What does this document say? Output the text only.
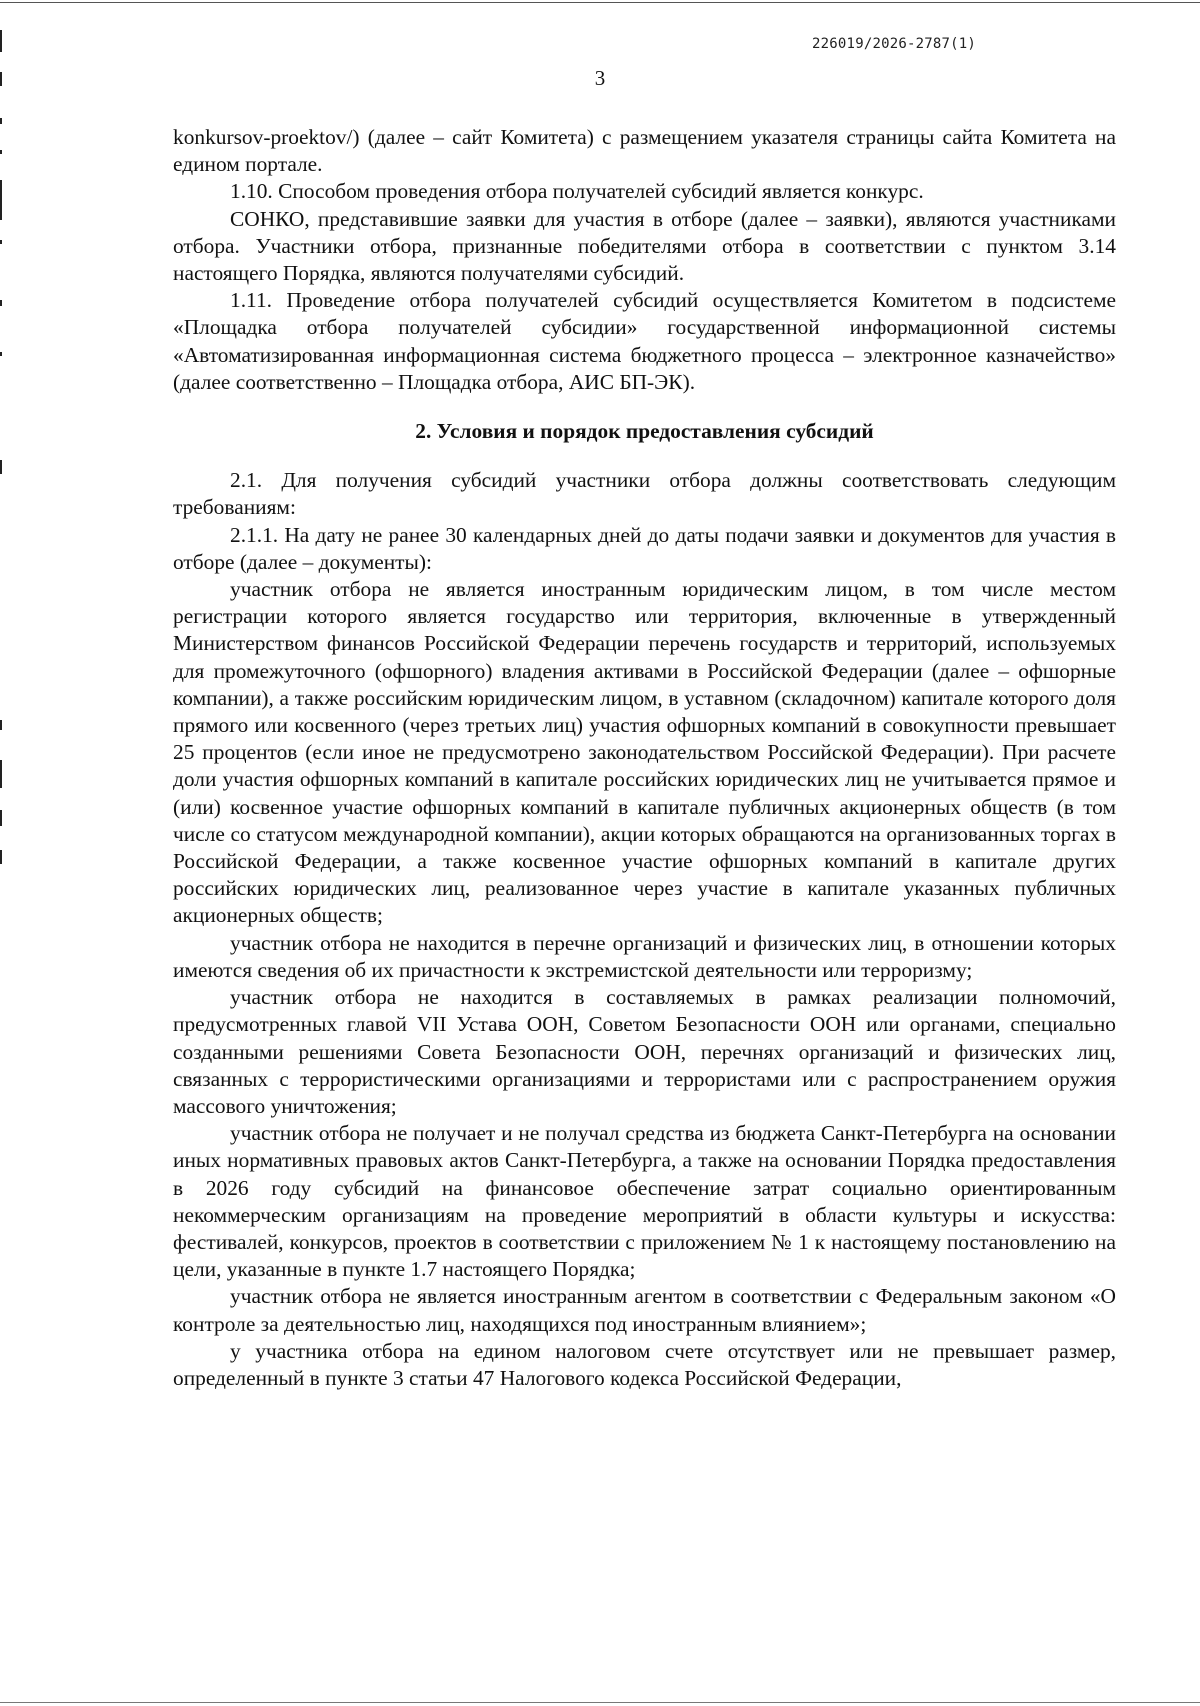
226019/2026-2787(1)
3

konkursov-proektov/) (далее – сайт Комитета) с размещением указателя страницы сайта Комитета на едином портале.

1.10. Способом проведения отбора получателей субсидий является конкурс.

СОНКО, представившие заявки для участия в отборе (далее – заявки), являются участниками отбора. Участники отбора, признанные победителями отбора в соответствии с пунктом 3.14 настоящего Порядка, являются получателями субсидий.

1.11. Проведение отбора получателей субсидий осуществляется Комитетом в подсистеме «Площадка отбора получателей субсидии» государственной информационной системы «Автоматизированная информационная система бюджетного процесса – электронное казначейство» (далее соответственно – Площадка отбора, АИС БП-ЭК).

2. Условия и порядок предоставления субсидий

2.1. Для получения субсидий участники отбора должны соответствовать следующим требованиям:

2.1.1. На дату не ранее 30 календарных дней до даты подачи заявки и документов для участия в отборе (далее – документы):

участник отбора не является иностранным юридическим лицом, в том числе местом регистрации которого является государство или территория, включенные в утвержденный Министерством финансов Российской Федерации перечень государств и территорий, используемых для промежуточного (офшорного) владения активами в Российской Федерации (далее – офшорные компании), а также российским юридическим лицом, в уставном (складочном) капитале которого доля прямого или косвенного (через третьих лиц) участия офшорных компаний в совокупности превышает 25 процентов (если иное не предусмотрено законодательством Российской Федерации). При расчете доли участия офшорных компаний в капитале российских юридических лиц не учитывается прямое и (или) косвенное участие офшорных компаний в капитале публичных акционерных обществ (в том числе со статусом международной компании), акции которых обращаются на организованных торгах в Российской Федерации, а также косвенное участие офшорных компаний в капитале других российских юридических лиц, реализованное через участие в капитале указанных публичных акционерных обществ;

участник отбора не находится в перечне организаций и физических лиц, в отношении которых имеются сведения об их причастности к экстремистской деятельности или терроризму;

участник отбора не находится в составляемых в рамках реализации полномочий, предусмотренных главой VII Устава ООН, Советом Безопасности ООН или органами, специально созданными решениями Совета Безопасности ООН, перечнях организаций и физических лиц, связанных с террористическими организациями и террористами или с распространением оружия массового уничтожения;

участник отбора не получает и не получал средства из бюджета Санкт-Петербурга на основании иных нормативных правовых актов Санкт-Петербурга, а также на основании Порядка предоставления в 2026 году субсидий на финансовое обеспечение затрат социально ориентированным некоммерческим организациям на проведение мероприятий в области культуры и искусства: фестивалей, конкурсов, проектов в соответствии с приложением № 1 к настоящему постановлению на цели, указанные в пункте 1.7 настоящего Порядка;

участник отбора не является иностранным агентом в соответствии с Федеральным законом «О контроле за деятельностью лиц, находящихся под иностранным влиянием»;

у участника отбора на едином налоговом счете отсутствует или не превышает размер, определенный в пункте 3 статьи 47 Налогового кодекса Российской Федерации,
